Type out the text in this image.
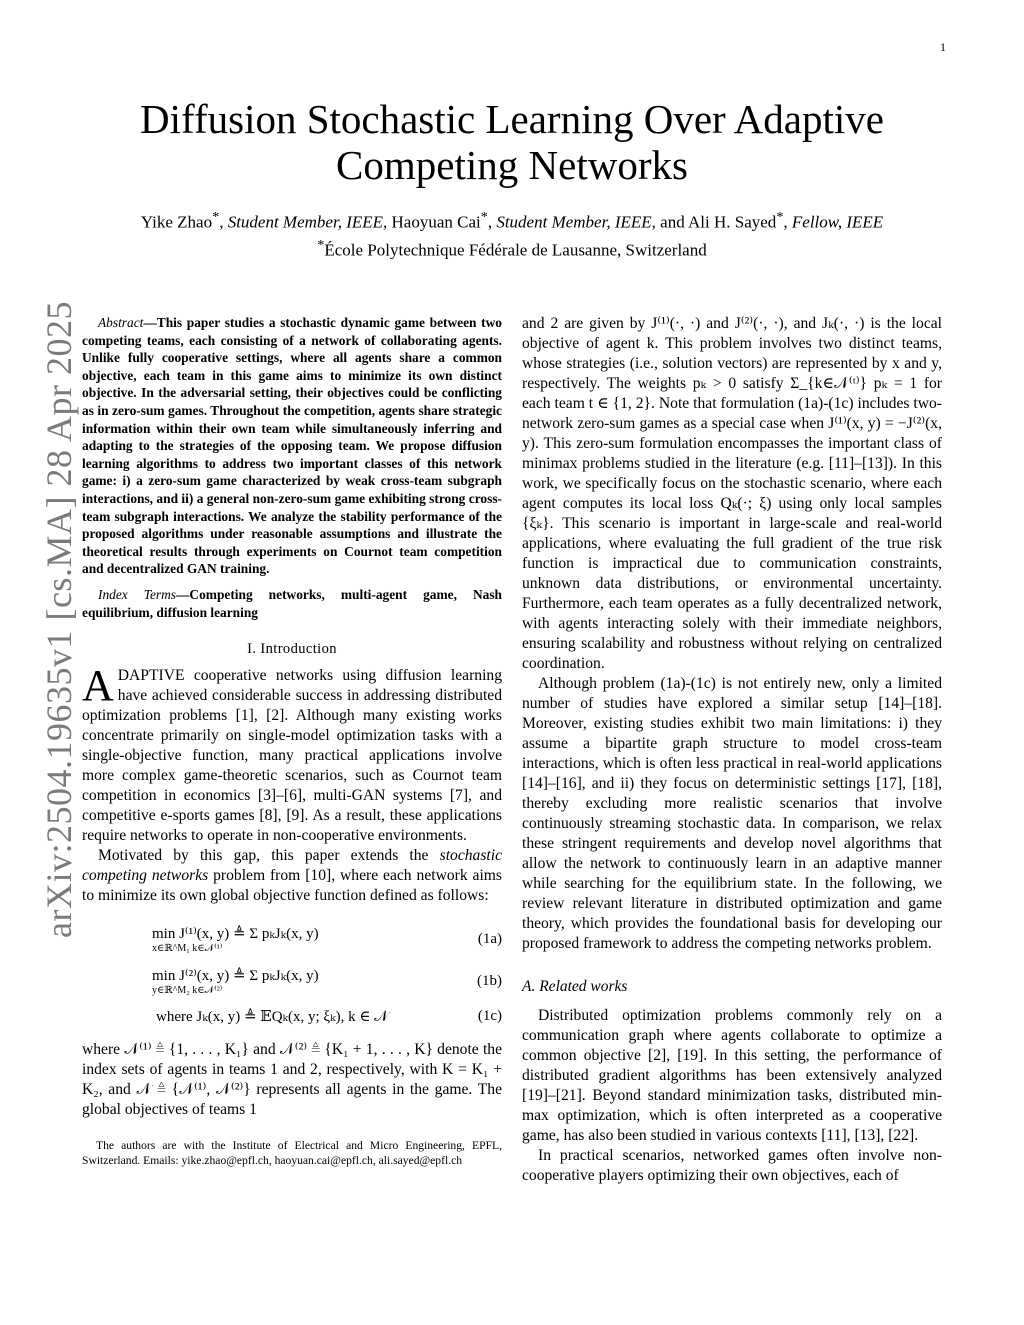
1
arXiv:2504.19635v1 [cs.MA] 28 Apr 2025
Diffusion Stochastic Learning Over Adaptive
Competing Networks
Yike Zhao*, Student Member, IEEE, Haoyuan Cai*, Student Member, IEEE, and Ali H. Sayed*, Fellow, IEEE
*École Polytechnique Fédérale de Lausanne, Switzerland

Abstract—This paper studies a stochastic dynamic game between two competing teams, each consisting of a network of collaborating agents. Unlike fully cooperative settings, where all agents share a common objective, each team in this game aims to minimize its own distinct objective. In the adversarial setting, their objectives could be conflicting as in zero-sum games. Throughout the competition, agents share strategic information within their own team while simultaneously inferring and adapting to the strategies of the opposing team. We propose diffusion learning algorithms to address two important classes of this network game: i) a zero-sum game characterized by weak cross-team subgraph interactions, and ii) a general non-zero-sum game exhibiting strong cross-team subgraph interactions. We analyze the stability performance of the proposed algorithms under reasonable assumptions and illustrate the theoretical results through experiments on Cournot team competition and decentralized GAN training.

Index Terms—Competing networks, multi-agent game, Nash equilibrium, diffusion learning

I. Introduction

ADAPTIVE cooperative networks using diffusion learning have achieved considerable success in addressing distributed optimization problems [1], [2]. Although many existing works concentrate primarily on single-model optimization tasks with a single-objective function, many practical applications involve more complex game-theoretic scenarios, such as Cournot team competition in economics [3]–[6], multi-GAN systems [7], and competitive e-sports games [8], [9]. As a result, these applications require networks to operate in non-cooperative environments.

Motivated by this gap, this paper extends the stochastic competing networks problem from [10], where each network aims to minimize its own global objective function defined as follows:

min J⁽¹⁾(x, y) ≜ Σ pₖJₖ(x, y)
x∈ℝ^M₁ k∈𝒩⁽¹⁾
(1a)
min J⁽²⁾(x, y) ≜ Σ pₖJₖ(x, y)
y∈ℝ^M₂ k∈𝒩⁽²⁾
(1b)
where Jₖ(x, y) ≜ 𝔼Qₖ(x, y; ξₖ), k ∈ 𝒩	(1c)

where 𝒩⁽¹⁾ ≜ {1, . . . , K₁} and 𝒩⁽²⁾ ≜ {K₁ + 1, . . . , K} denote the index sets of agents in teams 1 and 2, respectively, with K = K₁ + K₂, and 𝒩 ≜ {𝒩⁽¹⁾, 𝒩⁽²⁾} represents all agents in the game. The global objectives of teams 1

The authors are with the Institute of Electrical and Micro Engineering, EPFL, Switzerland. Emails: yike.zhao@epfl.ch, haoyuan.cai@epfl.ch, ali.sayed@epfl.ch

and 2 are given by J⁽¹⁾(·, ·) and J⁽²⁾(·, ·), and Jₖ(·, ·) is the local objective of agent k. This problem involves two distinct teams, whose strategies (i.e., solution vectors) are represented by x and y, respectively. The weights pₖ > 0 satisfy Σ_{k∈𝒩⁽ᵗ⁾} pₖ = 1 for each team t ∈ {1, 2}. Note that formulation (1a)-(1c) includes two-network zero-sum games as a special case when J⁽¹⁾(x, y) = −J⁽²⁾(x, y). This zero-sum formulation encompasses the important class of minimax problems studied in the literature (e.g. [11]–[13]). In this work, we specifically focus on the stochastic scenario, where each agent computes its local loss Qₖ(·; ξ) using only local samples {ξₖ}. This scenario is important in large-scale and real-world applications, where evaluating the full gradient of the true risk function is impractical due to communication constraints, unknown data distributions, or environmental uncertainty. Furthermore, each team operates as a fully decentralized network, with agents interacting solely with their immediate neighbors, ensuring scalability and robustness without relying on centralized coordination.

Although problem (1a)-(1c) is not entirely new, only a limited number of studies have explored a similar setup [14]–[18]. Moreover, existing studies exhibit two main limitations: i) they assume a bipartite graph structure to model cross-team interactions, which is often less practical in real-world applications [14]–[16], and ii) they focus on deterministic settings [17], [18], thereby excluding more realistic scenarios that involve continuously streaming stochastic data. In comparison, we relax these stringent requirements and develop novel algorithms that allow the network to continuously learn in an adaptive manner while searching for the equilibrium state. In the following, we review relevant literature in distributed optimization and game theory, which provides the foundational basis for developing our proposed framework to address the competing networks problem.

A. Related works

Distributed optimization problems commonly rely on a communication graph where agents collaborate to optimize a common objective [2], [19]. In this setting, the performance of distributed gradient algorithms has been extensively analyzed [19]–[21]. Beyond standard minimization tasks, distributed min-max optimization, which is often interpreted as a cooperative game, has also been studied in various contexts [11], [13], [22].

In practical scenarios, networked games often involve non-cooperative players optimizing their own objectives, each of
